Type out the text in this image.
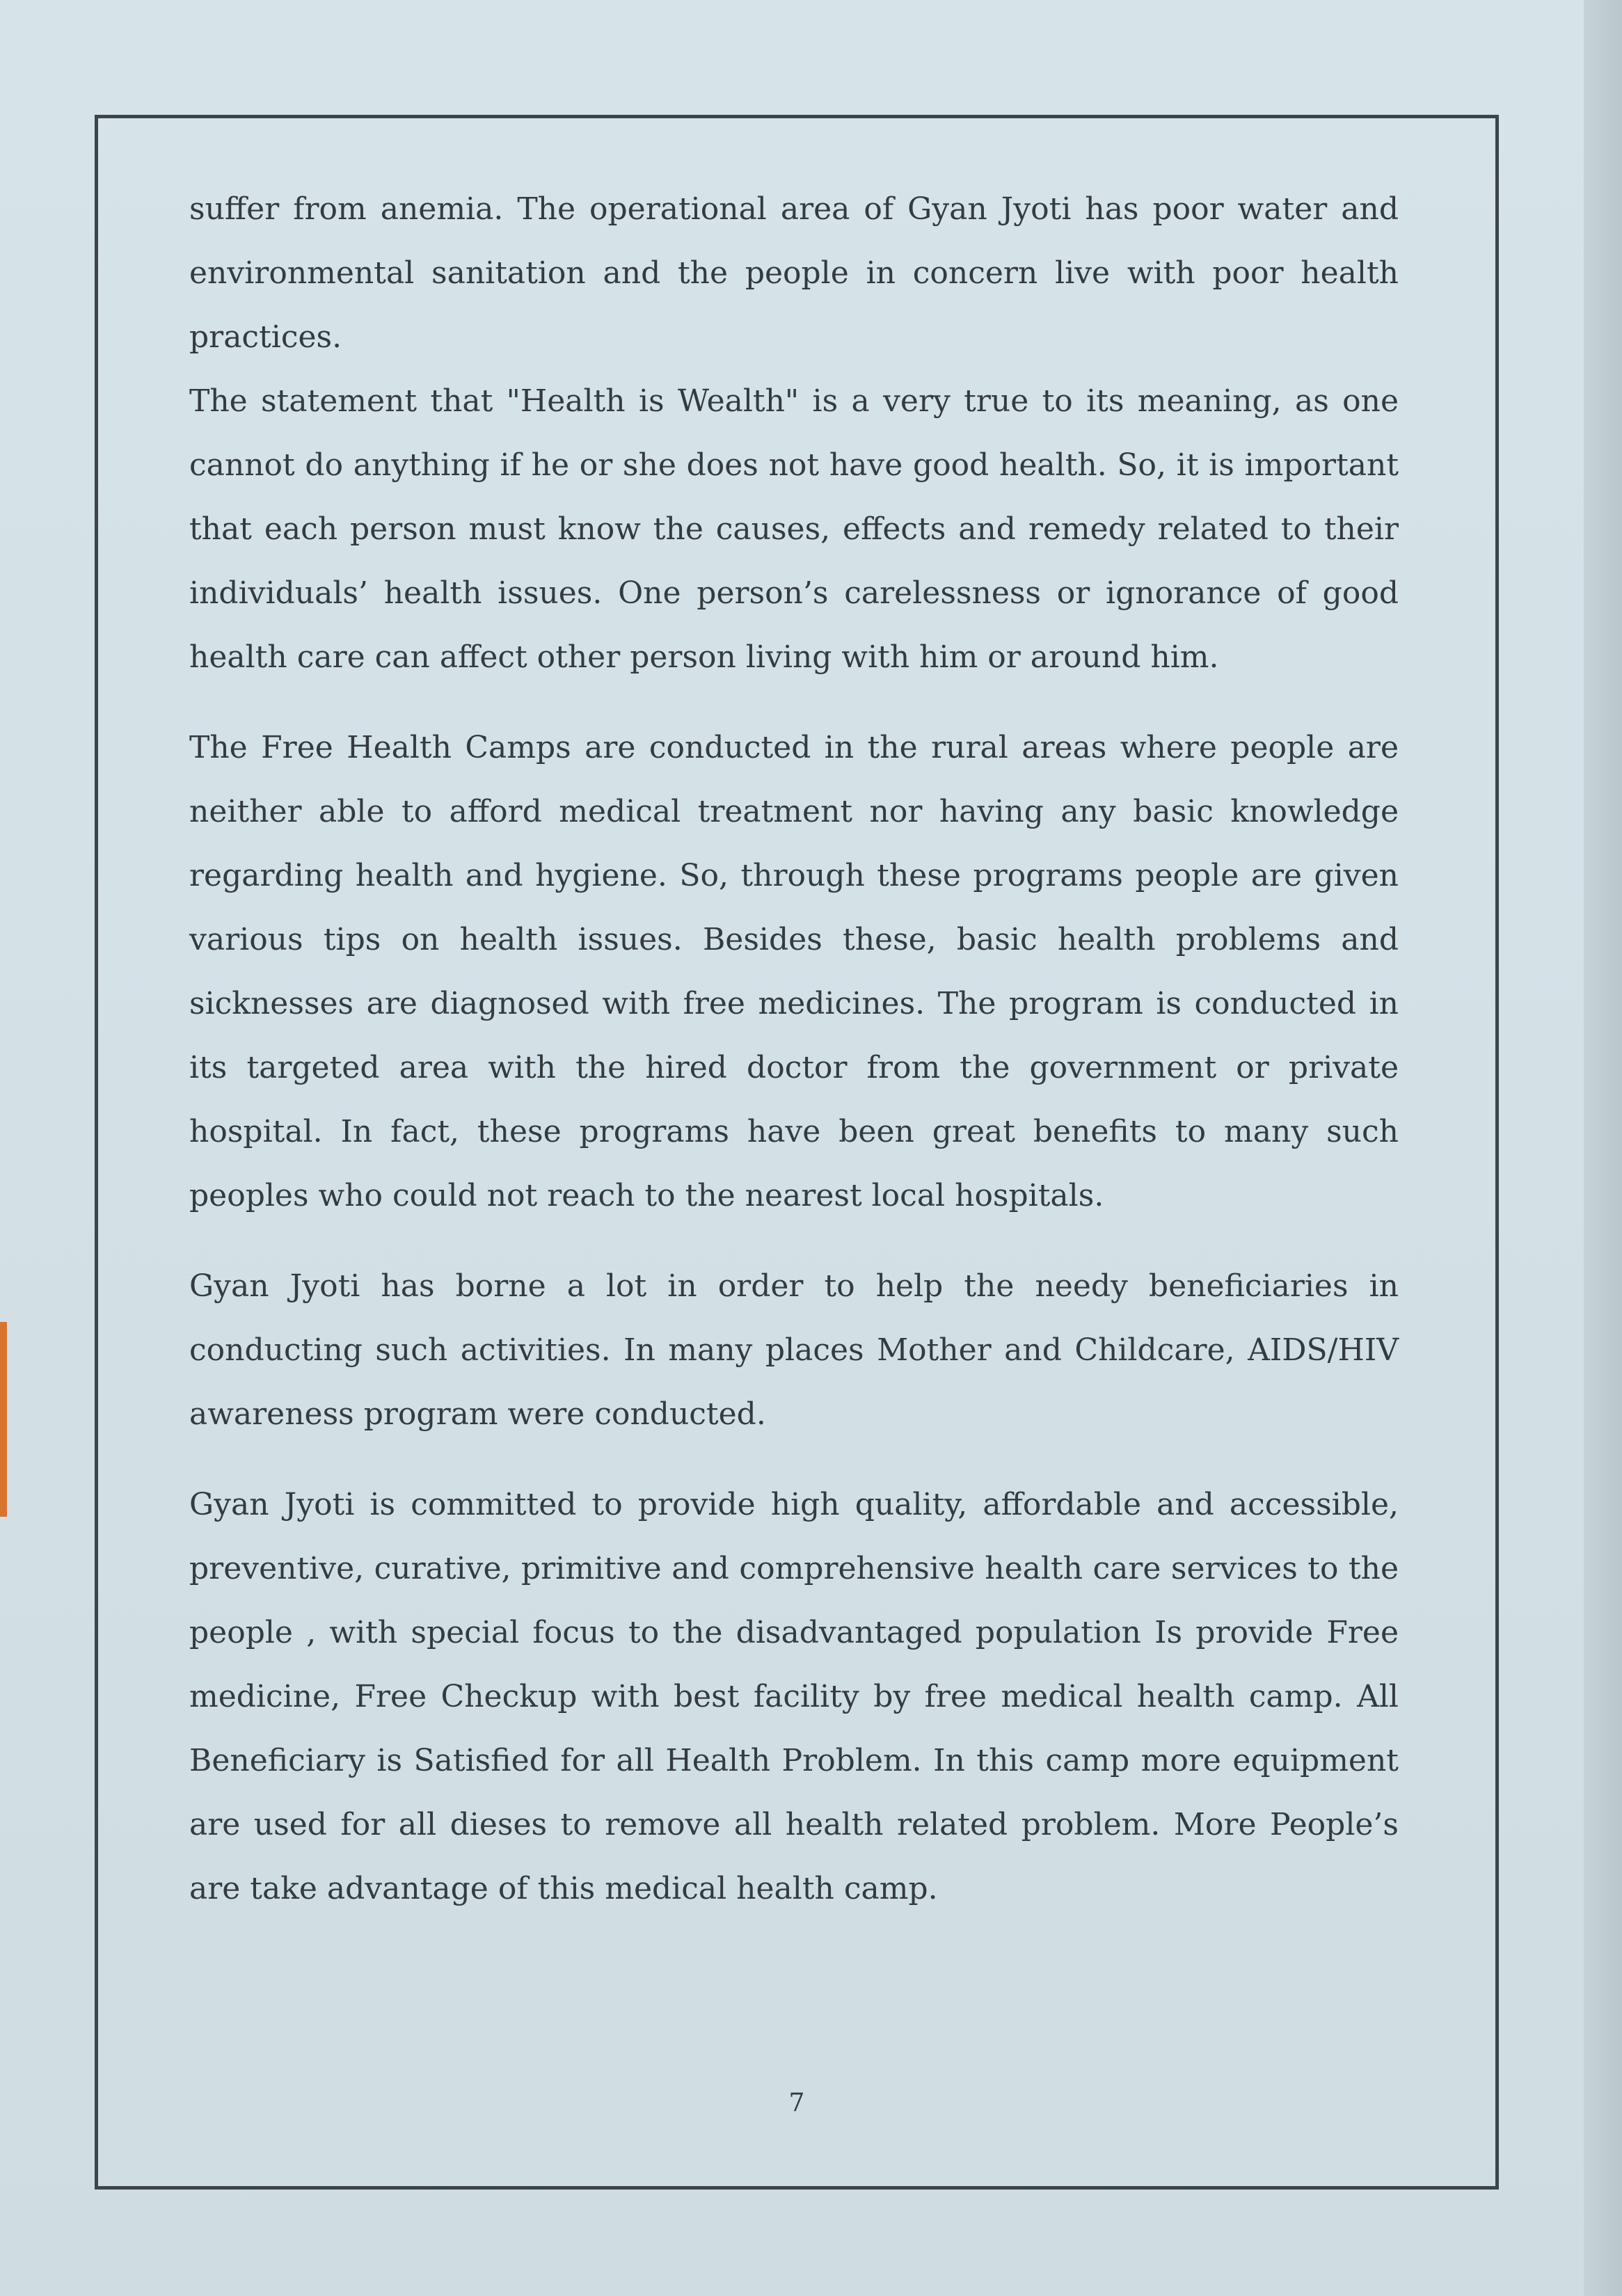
suffer from anemia. The operational area of Gyan Jyoti has poor water and environmental sanitation and the people in concern live with poor health practices.

The statement that "Health is Wealth" is a very true to its meaning, as one cannot do anything if he or she does not have good health. So, it is important that each person must know the causes, effects and remedy related to their individuals’ health issues. One person’s carelessness or ignorance of good health care can affect other person living with him or around him.

The Free Health Camps are conducted in the rural areas where people are neither able to afford medical treatment nor having any basic knowledge regarding health and hygiene. So, through these programs people are given various tips on health issues. Besides these, basic health problems and sicknesses are diagnosed with free medicines. The program is conducted in its targeted area with the hired doctor from the government or private hospital. In fact, these programs have been great benefits to many such peoples who could not reach to the nearest local hospitals.

Gyan Jyoti has borne a lot in order to help the needy beneficiaries in conducting such activities. In many places Mother and Childcare, AIDS/HIV awareness program were conducted.

Gyan Jyoti is committed to provide high quality, affordable and accessible, preventive, curative, primitive and comprehensive health care services to the people , with special focus to the disadvantaged population Is provide Free medicine, Free Checkup with best facility by free medical health camp. All Beneficiary is Satisfied for all Health Problem. In this camp more equipment are used for all dieses to remove all health related problem. More People’s are take advantage of this medical health camp.

7
